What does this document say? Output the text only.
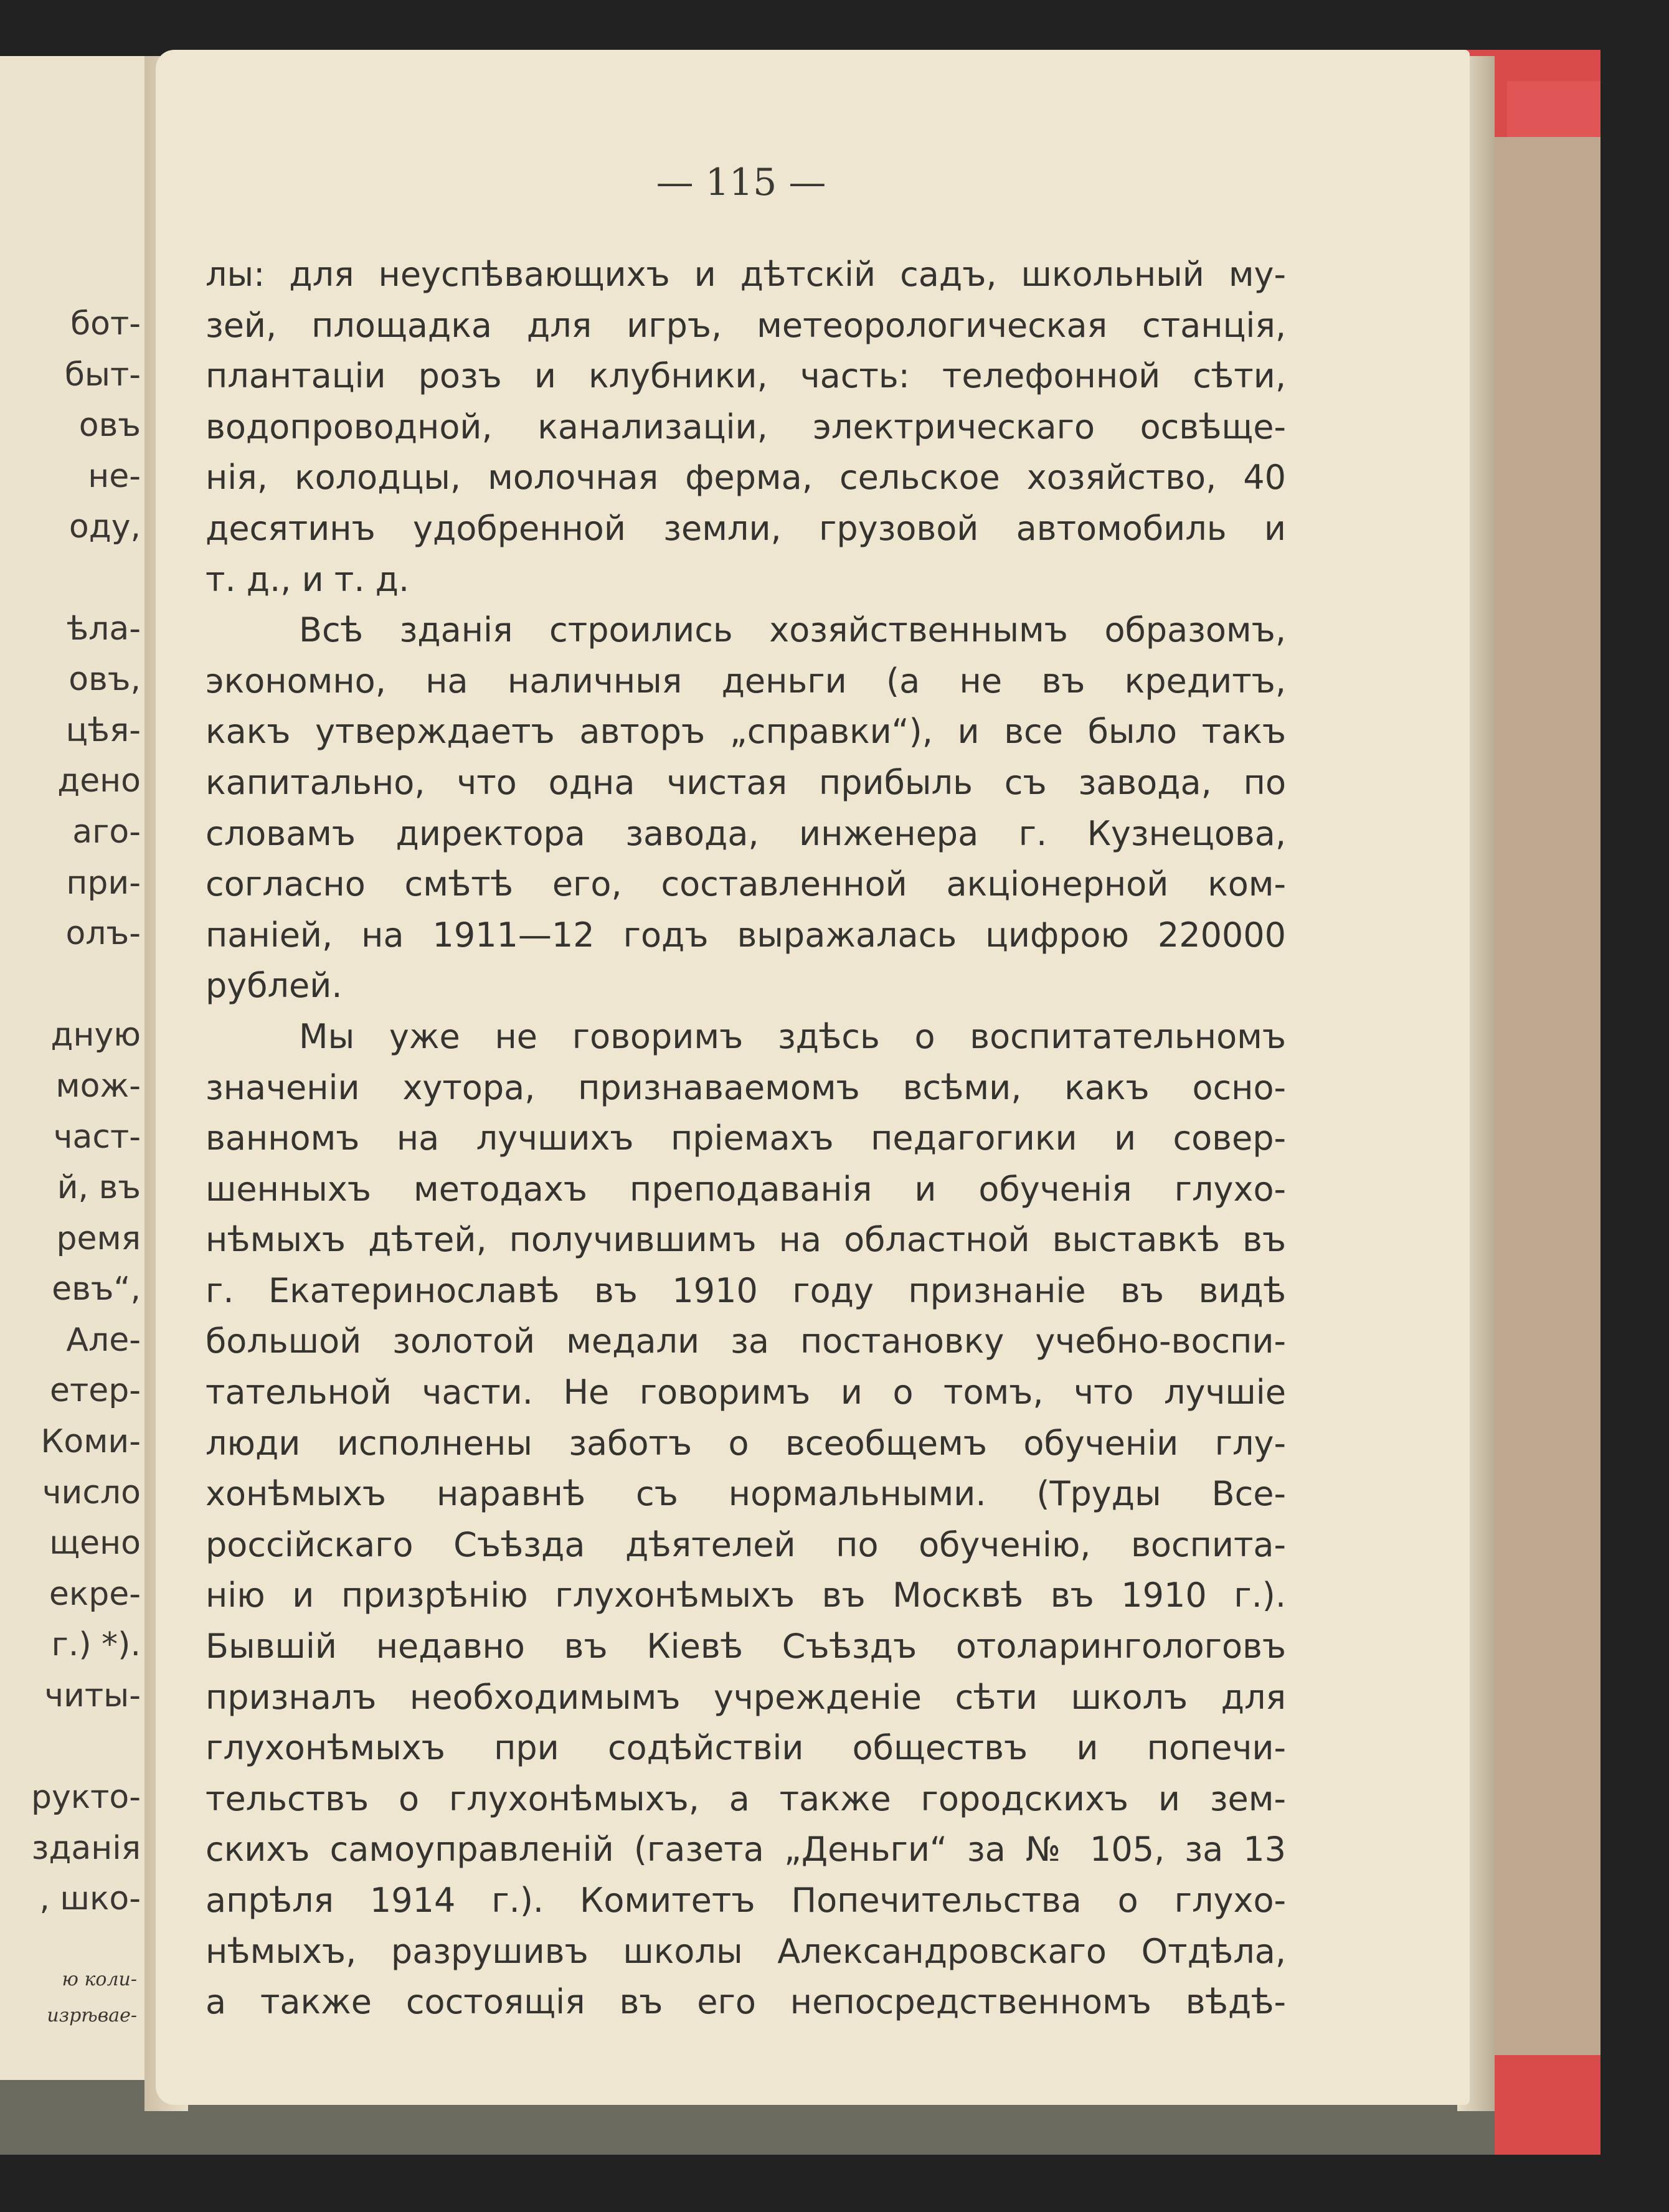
бот-
быт-
овъ
не-
оду,
ѣла-
овъ,
цѣя-
дено
аго-
при-
олъ-
дную
мож-
част-
й, въ
ремя
евъ“,
Але-
етер-
Коми-
число
щено
екре-
г.) *).
читы-
рукто-
зданія
, шко-
ю коли-
изрѣвае-
— 115 —
лы: для неуспѣвающихъ и дѣтскій садъ, школьный му-
зей, площадка для игръ, метеорологическая станція,
плантаціи розъ и клубники, часть: телефонной сѣти,
водопроводной, канализаціи, электрическаго освѣще-
нія, колодцы, молочная ферма, сельское хозяйство, 40
десятинъ удобренной земли, грузовой автомобиль и
т. д., и т. д.
Всѣ зданія строились хозяйственнымъ образомъ,
экономно, на наличныя деньги (а не въ кредитъ,
какъ утверждаетъ авторъ „справки“), и все было такъ
капитально, что одна чистая прибыль съ завода, по
словамъ директора завода, инженера г. Кузнецова,
согласно смѣтѣ его, составленной акціонерной ком-
паніей, на 1911—12 годъ выражалась цифрою 220000
рублей.
Мы уже не говоримъ здѣсь о воспитательномъ
значеніи хутора, признаваемомъ всѣми, какъ осно-
ванномъ на лучшихъ пріемахъ педагогики и совер-
шенныхъ методахъ преподаванія и обученія глухо-
нѣмыхъ дѣтей, получившимъ на областной выставкѣ въ
г. Екатеринославѣ въ 1910 году признаніе въ видѣ
большой золотой медали за постановку учебно-воспи-
тательной части. Не говоримъ и о томъ, что лучшіе
люди исполнены заботъ о всеобщемъ обученіи глу-
хонѣмыхъ наравнѣ съ нормальными. (Труды Все-
россійскаго Съѣзда дѣятелей по обученію, воспита-
нію и призрѣнію глухонѣмыхъ въ Москвѣ въ 1910 г.).
Бывшій недавно въ Кіевѣ Съѣздъ отоларингологовъ
призналъ необходимымъ учрежденіе сѣти школъ для
глухонѣмыхъ при содѣйствіи обществъ и попечи-
тельствъ о глухонѣмыхъ, а также городскихъ и зем-
скихъ самоуправленій (газета „Деньги“ за № 105, за 13
апрѣля 1914 г.). Комитетъ Попечительства о глухо-
нѣмыхъ, разрушивъ школы Александровскаго Отдѣла,
а также состоящія въ его непосредственномъ вѣдѣ-
